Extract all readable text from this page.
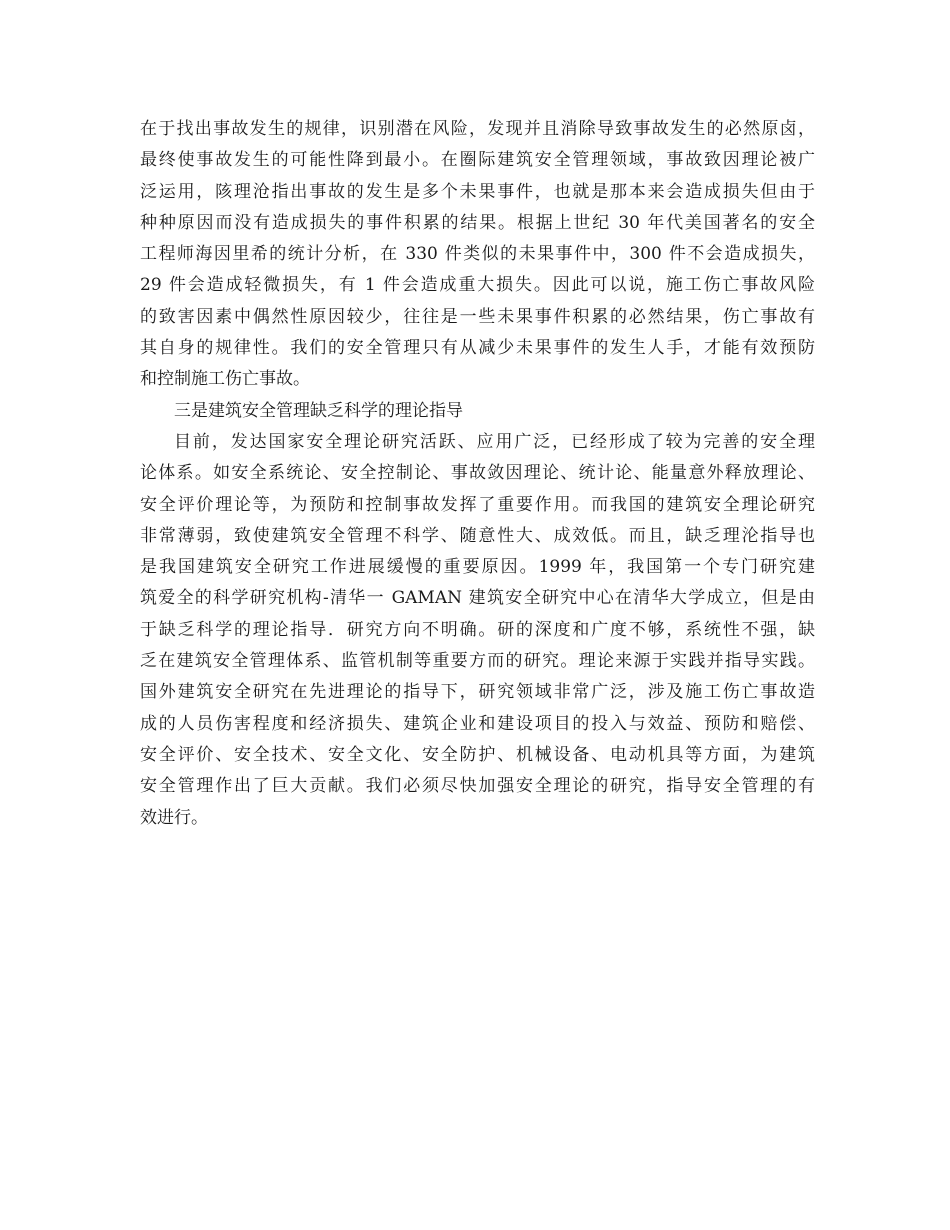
在于找出事故发生的规律，识别潜在风险，发现并且消除导致事故发生的必然原卤，
最终使事故发生的可能性降到最小。在圈际建筑安全管理领域，事故致因理论被广
泛运用，陔理沧指出事故的发生是多个未果事件，也就是那本来会造成损失但由于
种种原因而没有造成损失的事件积累的结果。根据上世纪 30 年代美国著名的安全
工程师海因里希的统计分析，在 330 件类似的未果事件中，300 件不会造成损失，
29 件会造成轻微损失，有 1 件会造成重大损失。因此可以说，施工伤亡事故风险
的致害因素中偶然性原因较少，往往是一些未果事件积累的必然结果，伤亡事故有
其自身的规律性。我们的安全管理只有从减少未果事件的发生人手，才能有效预防
和控制施工伤亡事故。
三是建筑安全管理缺乏科学的理论指导
目前，发达国家安全理论研究活跃、应用广泛，已经形成了较为完善的安全理
论体系。如安全系统论、安全控制论、事故敛因理论、统计论、能量意外释放理论、
安全评价理论等，为预防和控制事故发挥了重要作用。而我国的建筑安全理论研究
非常薄弱，致使建筑安全管理不科学、随意性大、成效低。而且，缺乏理沦指导也
是我国建筑安全研究工作进展缓慢的重要原因。1999 年，我国第一个专门研究建
筑爱全的科学研究机构-清华一 GAMAN 建筑安全研究中心在清华大学成立，但是由
于缺乏科学的理论指导．研究方向不明确。研的深度和广度不够，系统性不强，缺
乏在建筑安全管理体系、监管机制等重要方而的研究。理论来源于实践并指导实践。
国外建筑安全研究在先进理论的指导下，研究领域非常广泛，涉及施工伤亡事故造
成的人员伤害程度和经济损失、建筑企业和建设项目的投入与效益、预防和赔偿、
安全评价、安全技术、安全文化、安全防护、机械设备、电动机具等方面，为建筑
安全管理作出了巨大贡献。我们必须尽快加强安全理论的研究，指导安全管理的有
效进行。
